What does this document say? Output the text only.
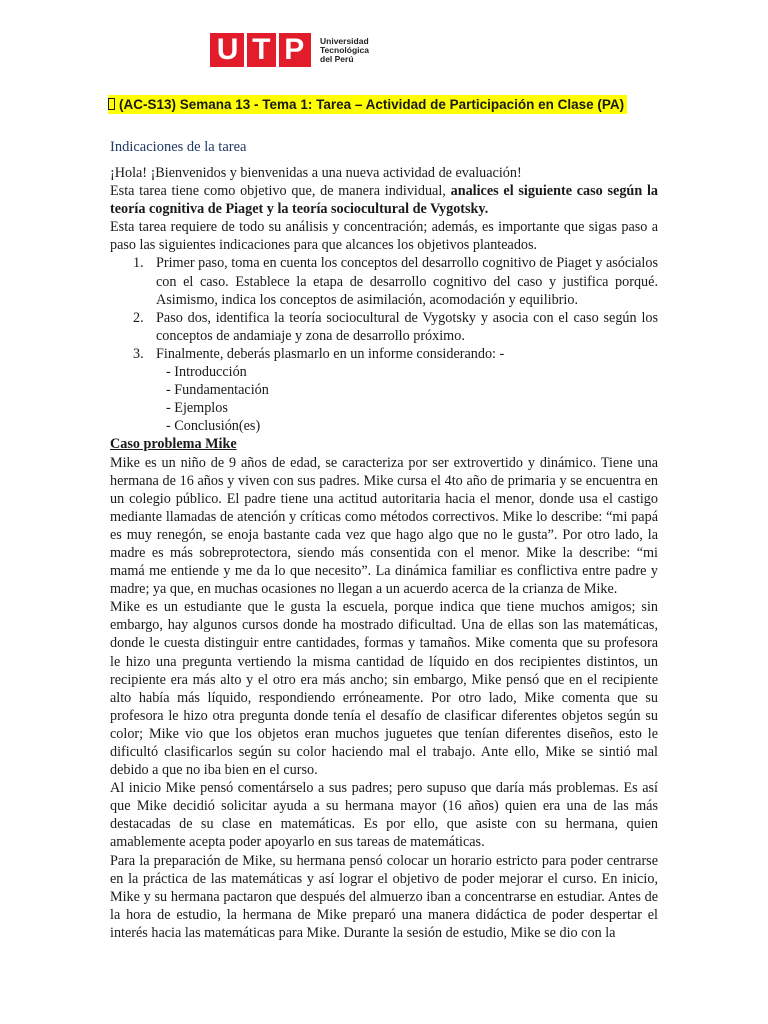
U T P Universidad
Tecnológica
del Perú
(AC-S13) Semana 13 - Tema 1: Tarea – Actividad de Participación en Clase (PA)
Indicaciones de la tarea

¡Hola! ¡Bienvenidos y bienvenidas a una nueva actividad de evaluación!

Esta tarea tiene como objetivo que, de manera individual, analices el siguiente caso según la teoría cognitiva de Piaget y la teoría sociocultural de Vygotsky.

Esta tarea requiere de todo su análisis y concentración; además, es importante que sigas paso a paso las siguientes indicaciones para que alcances los objetivos planteados.

1. Primer paso, toma en cuenta los conceptos del desarrollo cognitivo de Piaget y asócialos con el caso. Establece la etapa de desarrollo cognitivo del caso y justifica porqué. Asimismo, indica los conceptos de asimilación, acomodación y equilibrio.
2. Paso dos, identifica la teoría sociocultural de Vygotsky y asocia con el caso según los conceptos de andamiaje y zona de desarrollo próximo.
3. Finalmente, deberás plasmarlo en un informe considerando: -
- Introducción
- Fundamentación
- Ejemplos
- Conclusión(es)
Caso problema Mike

Mike es un niño de 9 años de edad, se caracteriza por ser extrovertido y dinámico. Tiene una hermana de 16 años y viven con sus padres. Mike cursa el 4to año de primaria y se encuentra en un colegio público. El padre tiene una actitud autoritaria hacia el menor, donde usa el castigo mediante llamadas de atención y críticas como métodos correctivos. Mike lo describe: “mi papá es muy renegón, se enoja bastante cada vez que hago algo que no le gusta”. Por otro lado, la madre es más sobreprotectora, siendo más consentida con el menor. Mike la describe: “mi mamá me entiende y me da lo que necesito”. La dinámica familiar es conflictiva entre padre y madre; ya que, en muchas ocasiones no llegan a un acuerdo acerca de la crianza de Mike.

Mike es un estudiante que le gusta la escuela, porque indica que tiene muchos amigos; sin embargo, hay algunos cursos donde ha mostrado dificultad. Una de ellas son las matemáticas, donde le cuesta distinguir entre cantidades, formas y tamaños. Mike comenta que su profesora le hizo una pregunta vertiendo la misma cantidad de líquido en dos recipientes distintos, un recipiente era más alto y el otro era más ancho; sin embargo, Mike pensó que en el recipiente alto había más líquido, respondiendo erróneamente. Por otro lado, Mike comenta que su profesora le hizo otra pregunta donde tenía el desafío de clasificar diferentes objetos según su color; Mike vio que los objetos eran muchos juguetes que tenían diferentes diseños, esto le dificultó clasificarlos según su color haciendo mal el trabajo. Ante ello, Mike se sintió mal debido a que no iba bien en el curso.

Al inicio Mike pensó comentárselo a sus padres; pero supuso que daría más problemas. Es así que Mike decidió solicitar ayuda a su hermana mayor (16 años) quien era una de las más destacadas de su clase en matemáticas. Es por ello, que asiste con su hermana, quien amablemente acepta poder apoyarlo en sus tareas de matemáticas.

Para la preparación de Mike, su hermana pensó colocar un horario estricto para poder centrarse en la práctica de las matemáticas y así lograr el objetivo de poder mejorar el curso. En inicio, Mike y su hermana pactaron que después del almuerzo iban a concentrarse en estudiar. Antes de la hora de estudio, la hermana de Mike preparó una manera didáctica de poder despertar el interés hacia las matemáticas para Mike. Durante la sesión de estudio, Mike se dio con la
